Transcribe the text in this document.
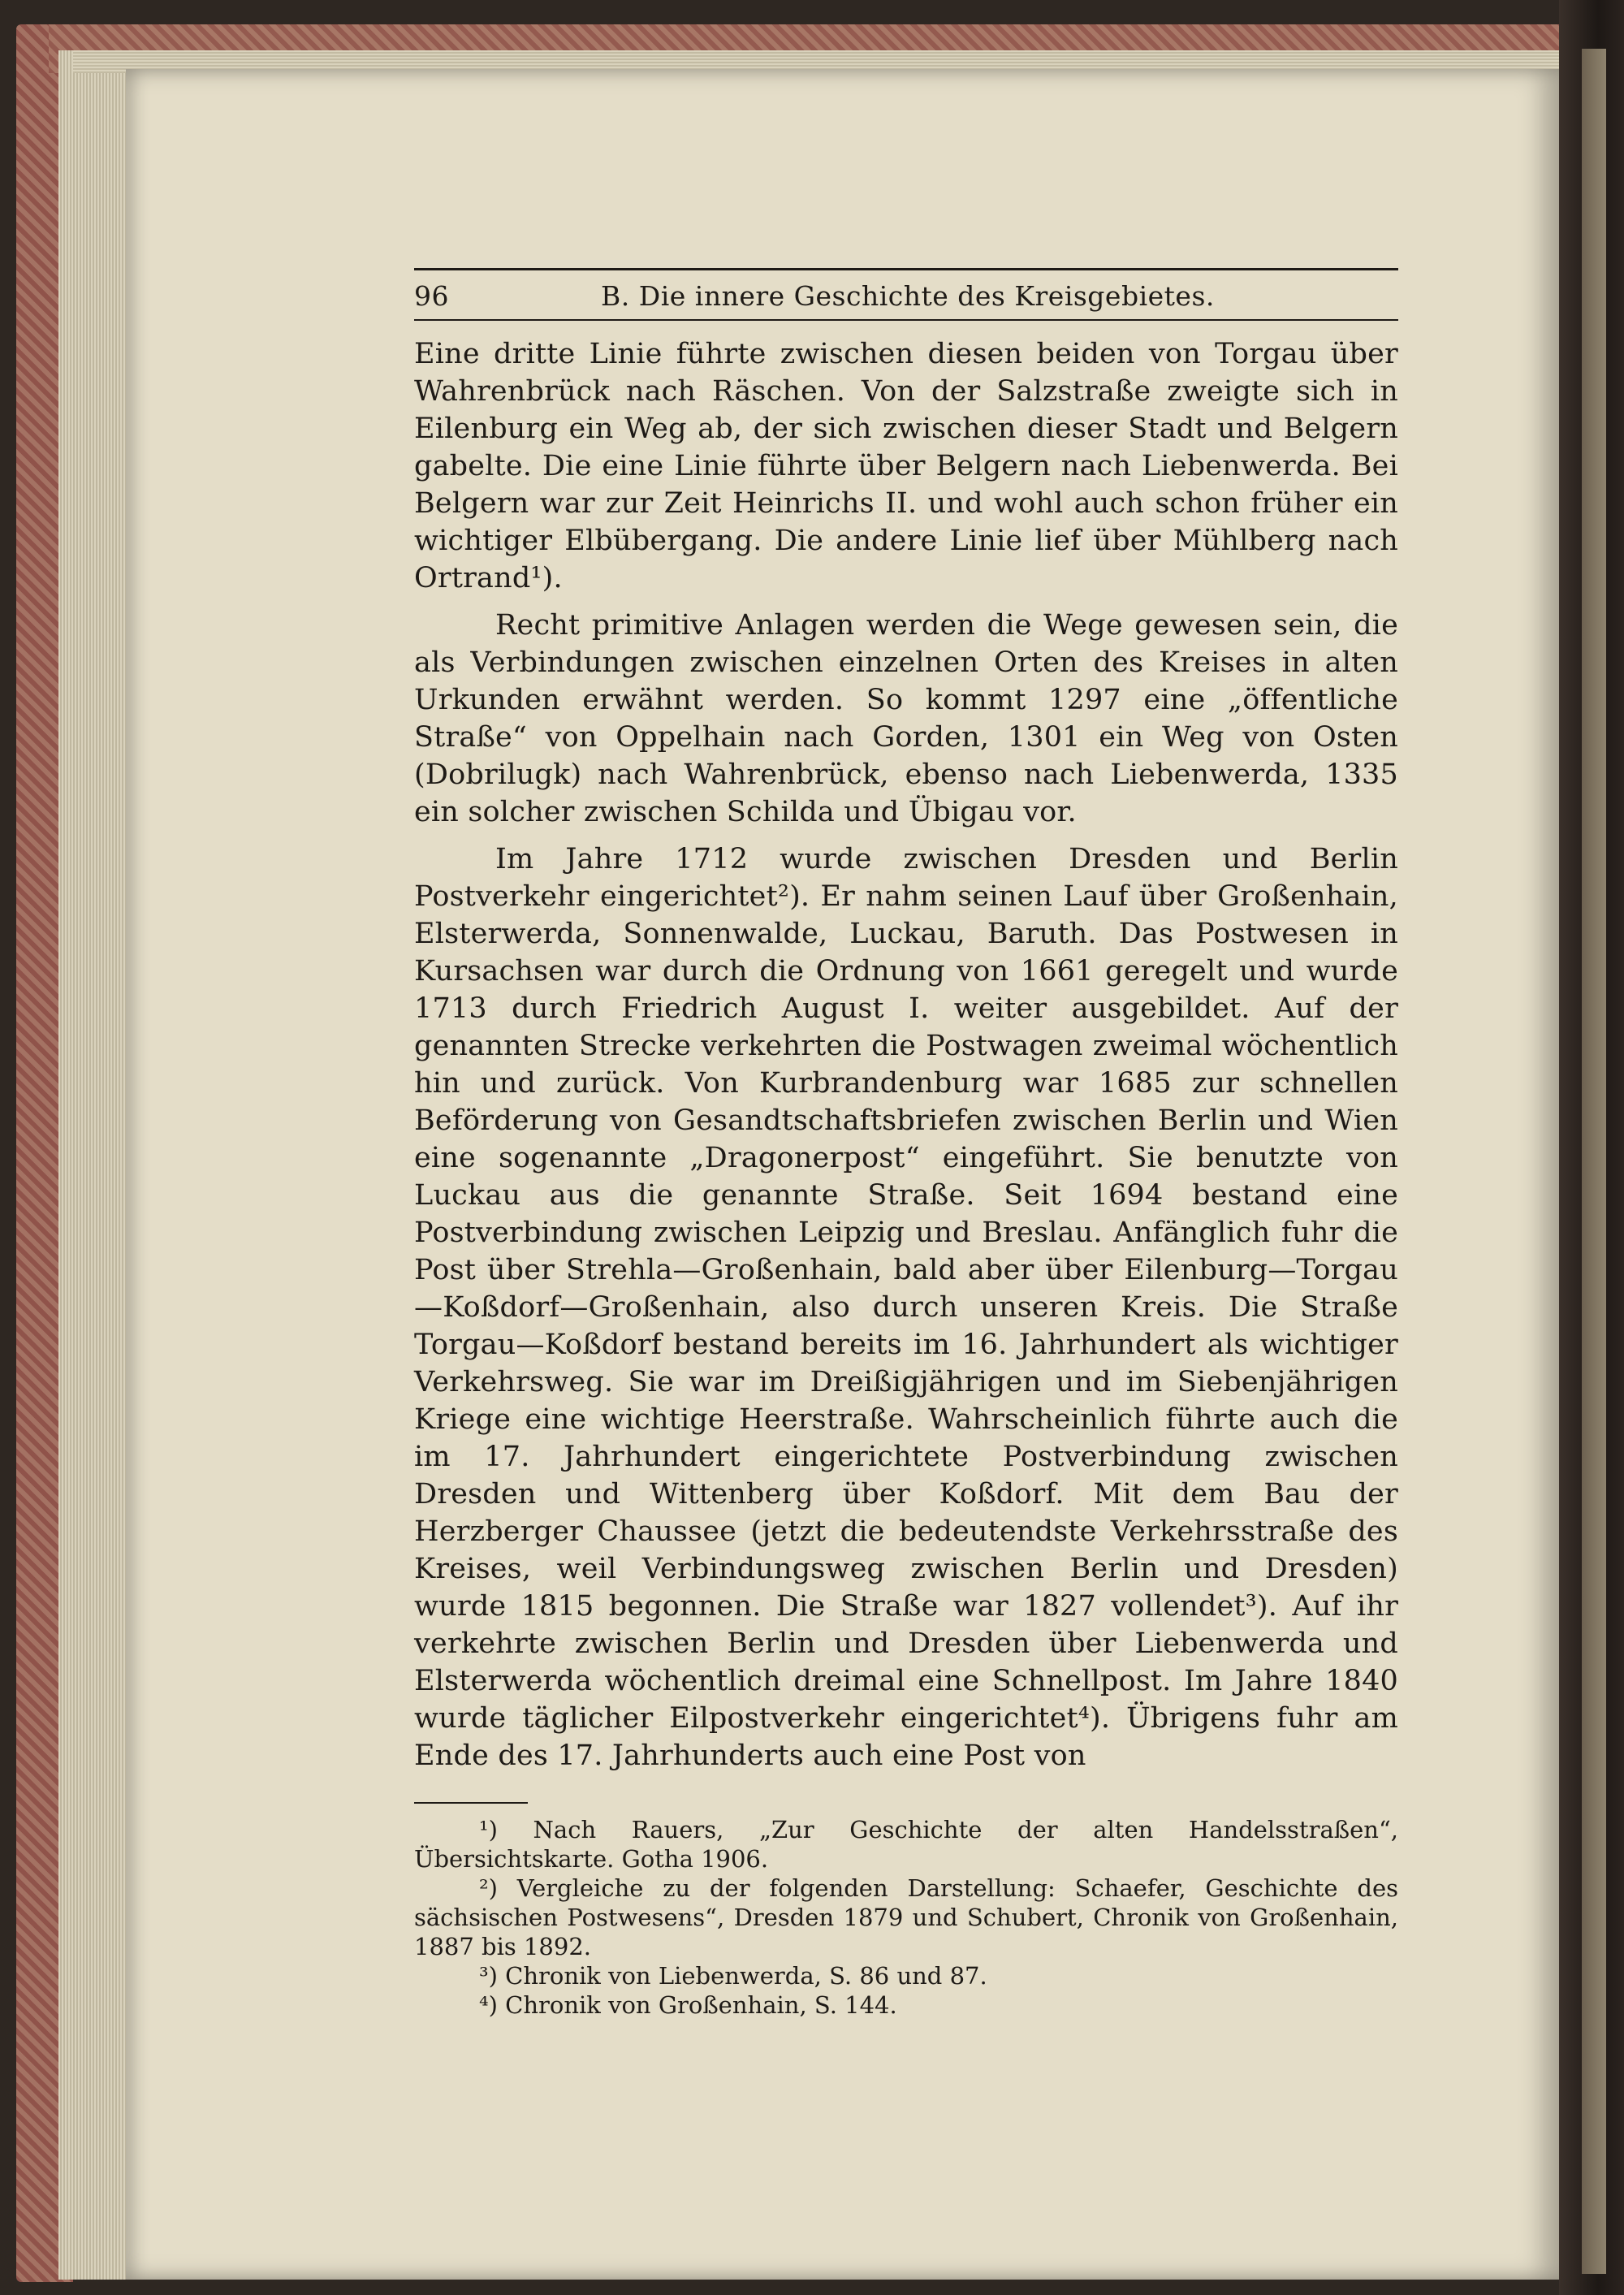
96	B. Die innere Geschichte des Kreisgebietes.

Eine dritte Linie führte zwischen diesen beiden von Torgau über Wahrenbrück nach Räschen. Von der Salzstraße zweigte sich in Eilenburg ein Weg ab, der sich zwischen dieser Stadt und Belgern gabelte. Die eine Linie führte über Belgern nach Liebenwerda. Bei Belgern war zur Zeit Heinrichs II. und wohl auch schon früher ein wichtiger Elbübergang. Die andere Linie lief über Mühlberg nach Ortrand¹).

Recht primitive Anlagen werden die Wege gewesen sein, die als Verbindungen zwischen einzelnen Orten des Kreises in alten Urkunden erwähnt werden. So kommt 1297 eine „öffentliche Straße“ von Oppelhain nach Gorden, 1301 ein Weg von Osten (Dobrilugk) nach Wahrenbrück, ebenso nach Liebenwerda, 1335 ein solcher zwischen Schilda und Übigau vor.

Im Jahre 1712 wurde zwischen Dresden und Berlin Postverkehr eingerichtet²). Er nahm seinen Lauf über Großenhain, Elsterwerda, Sonnenwalde, Luckau, Baruth. Das Postwesen in Kursachsen war durch die Ordnung von 1661 geregelt und wurde 1713 durch Friedrich August I. weiter ausgebildet. Auf der genannten Strecke verkehrten die Postwagen zweimal wöchentlich hin und zurück. Von Kurbrandenburg war 1685 zur schnellen Beförderung von Gesandtschaftsbriefen zwischen Berlin und Wien eine sogenannte „Dragonerpost“ eingeführt. Sie benutzte von Luckau aus die genannte Straße. Seit 1694 bestand eine Postverbindung zwischen Leipzig und Breslau. Anfänglich fuhr die Post über Strehla—Großenhain, bald aber über Eilenburg—Torgau—Koßdorf—Großenhain, also durch unseren Kreis. Die Straße Torgau—Koßdorf bestand bereits im 16. Jahrhundert als wichtiger Verkehrsweg. Sie war im Dreißigjährigen und im Siebenjährigen Kriege eine wichtige Heerstraße. Wahrscheinlich führte auch die im 17. Jahrhundert eingerichtete Postverbindung zwischen Dresden und Wittenberg über Koßdorf. Mit dem Bau der Herzberger Chaussee (jetzt die bedeutendste Verkehrsstraße des Kreises, weil Verbindungsweg zwischen Berlin und Dresden) wurde 1815 begonnen. Die Straße war 1827 vollendet³). Auf ihr verkehrte zwischen Berlin und Dresden über Liebenwerda und Elsterwerda wöchentlich dreimal eine Schnellpost. Im Jahre 1840 wurde täglicher Eilpostverkehr eingerichtet⁴). Übrigens fuhr am Ende des 17. Jahrhunderts auch eine Post von

¹) Nach Rauers, „Zur Geschichte der alten Handelsstraßen“, Übersichtskarte. Gotha 1906.

²) Vergleiche zu der folgenden Darstellung: Schaefer, Geschichte des sächsischen Postwesens“, Dresden 1879 und Schubert, Chronik von Großenhain, 1887 bis 1892.

³) Chronik von Liebenwerda, S. 86 und 87.

⁴) Chronik von Großenhain, S. 144.
